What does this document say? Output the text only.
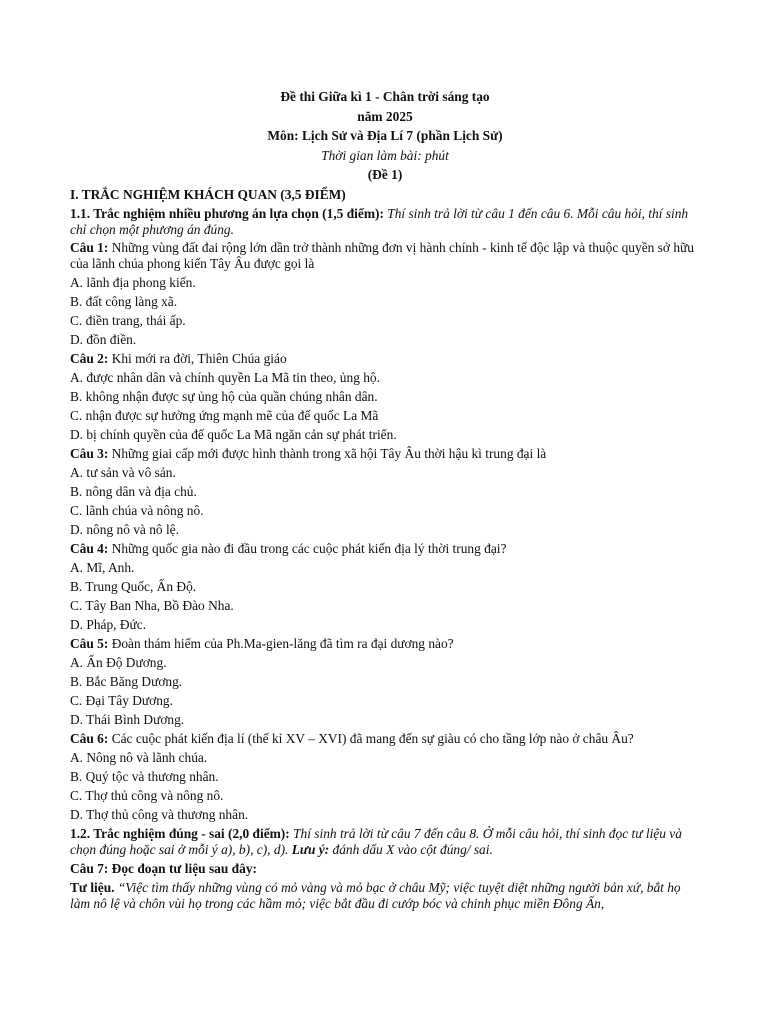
Đề thi Giữa kì 1 - Chân trời sáng tạo
năm 2025
Môn: Lịch Sử và Địa Lí 7 (phần Lịch Sử)
Thời gian làm bài: phút
(Đề 1)
I. TRẮC NGHIỆM KHÁCH QUAN (3,5 ĐIỂM)

1.1. Trắc nghiệm nhiều phương án lựa chọn (1,5 điểm): Thí sinh trả lời từ câu 1 đến câu 6. Mỗi câu hỏi, thí sinh chỉ chọn một phương án đúng.

Câu 1: Những vùng đất đai rộng lớn dần trở thành những đơn vị hành chính - kinh tế độc lập và thuộc quyền sở hữu của lãnh chúa phong kiến Tây Âu được gọi là

A. lãnh địa phong kiến.
B. đất công làng xã.
C. điền trang, thái ấp.
D. đồn điền.
Câu 2: Khi mới ra đời, Thiên Chúa giáo
A. được nhân dân và chính quyền La Mã tin theo, ủng hộ.
B. không nhận được sự ủng hộ của quần chúng nhân dân.
C. nhận được sự hưởng ứng mạnh mẽ của đế quốc La Mã
D. bị chính quyền của đế quốc La Mã ngăn cản sự phát triển.
Câu 3: Những giai cấp mới được hình thành trong xã hội Tây Âu thời hậu kì trung đại là
A. tư sản và vô sản.
B. nông dân và địa chủ.
C. lãnh chúa và nông nô.
D. nông nô và nô lệ.
Câu 4: Những quốc gia nào đi đầu trong các cuộc phát kiến địa lý thời trung đại?
A. Mĩ, Anh.
B. Trung Quốc, Ấn Độ.
C. Tây Ban Nha, Bồ Đào Nha.
D. Pháp, Đức.
Câu 5: Đoàn thám hiểm của Ph.Ma-gien-lăng đã tìm ra đại dương nào?
A. Ấn Độ Dương.
B. Bắc Băng Dương.
C. Đại Tây Dương.
D. Thái Bình Dương.
Câu 6: Các cuộc phát kiến địa lí (thế kỉ XV – XVI) đã mang đến sự giàu có cho tầng lớp nào ở châu Âu?
A. Nông nô và lãnh chúa.
B. Quý tộc và thương nhân.
C. Thợ thủ công và nông nô.
D. Thợ thủ công và thương nhân.

1.2. Trắc nghiệm đúng - sai (2,0 điểm): Thí sinh trả lời từ câu 7 đến câu 8. Ở mỗi câu hỏi, thí sinh đọc tư liệu và chọn đúng hoặc sai ở mỗi ý a), b), c), d). Lưu ý: đánh dấu X vào cột đúng/ sai.

Câu 7: Đọc đoạn tư liệu sau đây:

Tư liệu. “Việc tìm thấy những vùng có mỏ vàng và mỏ bạc ở châu Mỹ; việc tuyệt diệt những người bản xứ, bắt họ làm nô lệ và chôn vùi họ trong các hầm mỏ; việc bắt đầu đi cướp bóc và chinh phục miền Đông Ấn,
